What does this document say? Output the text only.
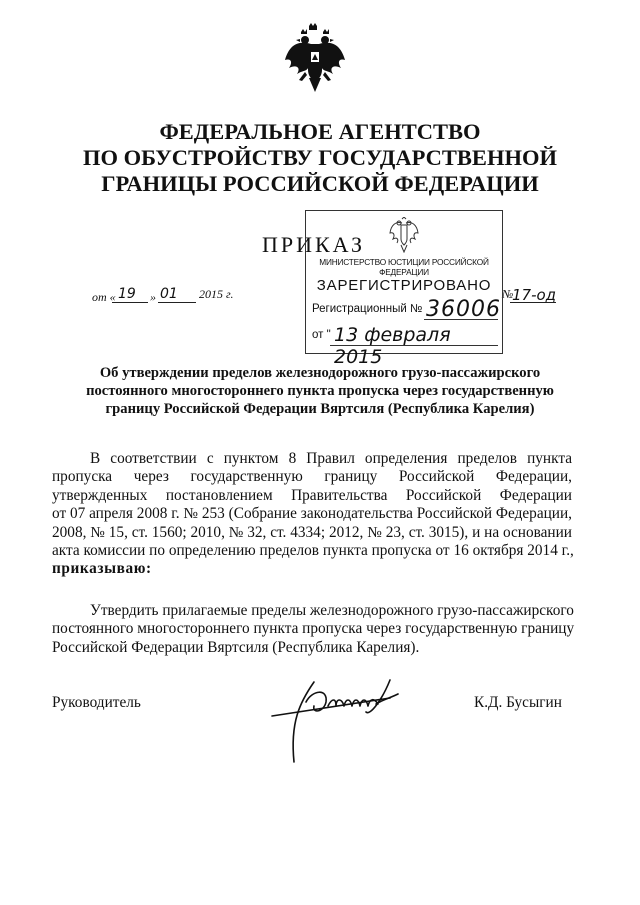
ФЕДЕРАЛЬНОЕ АГЕНТСТВО
ПО ОБУСТРОЙСТВУ ГОСУДАРСТВЕННОЙ
ГРАНИЦЫ РОССИЙСКОЙ ФЕДЕРАЦИИ
ПРИКАЗ
от « 19 » 01 2015 г.	№
17-од
МИНИСТЕРСТВО ЮСТИЦИИ РОССИЙСКОЙ ФЕДЕРАЦИИ
ЗАРЕГИСТРИРОВАНО
Регистрационный № 36006
от " 13 февраля 2015
Об утверждении пределов железнодорожного грузо-пассажирского
постоянного многостороннего пункта пропуска через государственную
границу Российской Федерации Вяртсиля (Республика Карелия)
В соответствии с пунктом 8 Правил определения пределов пункта
пропуска через государственную границу Российской Федерации,
утвержденных постановлением Правительства Российской Федерации
от 07 апреля 2008 г. № 253 (Собрание законодательства Российской Федерации,
2008, № 15, ст. 1560; 2010, № 32, ст. 4334; 2012, № 23, ст. 3015), и на основании
акта комиссии по определению пределов пункта пропуска от 16 октября 2014 г.,
приказываю:
Утвердить прилагаемые пределы железнодорожного грузо-пассажирского
постоянного многостороннего пункта пропуска через государственную границу
Российской Федерации Вяртсиля (Республика Карелия).
Руководитель	К.Д. Бусыгин
